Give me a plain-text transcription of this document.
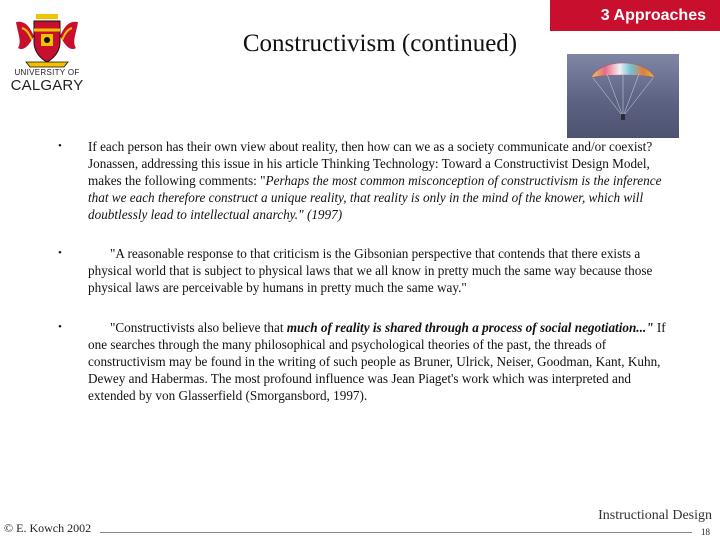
UNIVERSITY OF
CALGARY
3 Approaches
Constructivism (continued)

• If each person has their own view about reality, then how can we as a society communicate and/or coexist? Jonassen, addressing this issue in his article Thinking Technology: Toward a Constructivist Design Model, makes the following comments: "Perhaps the most common misconception of constructivism is the inference that we each therefore construct a unique reality, that reality is only in the mind of the knower, which will doubtlessly lead to intellectual anarchy." (1997)

•	"A reasonable response to that criticism is the Gibsonian perspective that contends that there exists a physical world that is subject to physical laws that we all know in pretty much the same way because those physical laws are perceivable by humans in pretty much the same way."

•	"Constructivists also believe that much of reality is shared through a process of social negotiation..." If one searches through the many philosophical and psychological theories of the past, the threads of constructivism may be found in the writing of such people as Bruner, Ulrick, Neiser, Goodman, Kant, Kuhn, Dewey and Habermas. The most profound influence was Jean Piaget's work which was interpreted and extended by von Glasserfield (Smorgansbord, 1997).

© E. Kowch 2002
Instructional Design
18
